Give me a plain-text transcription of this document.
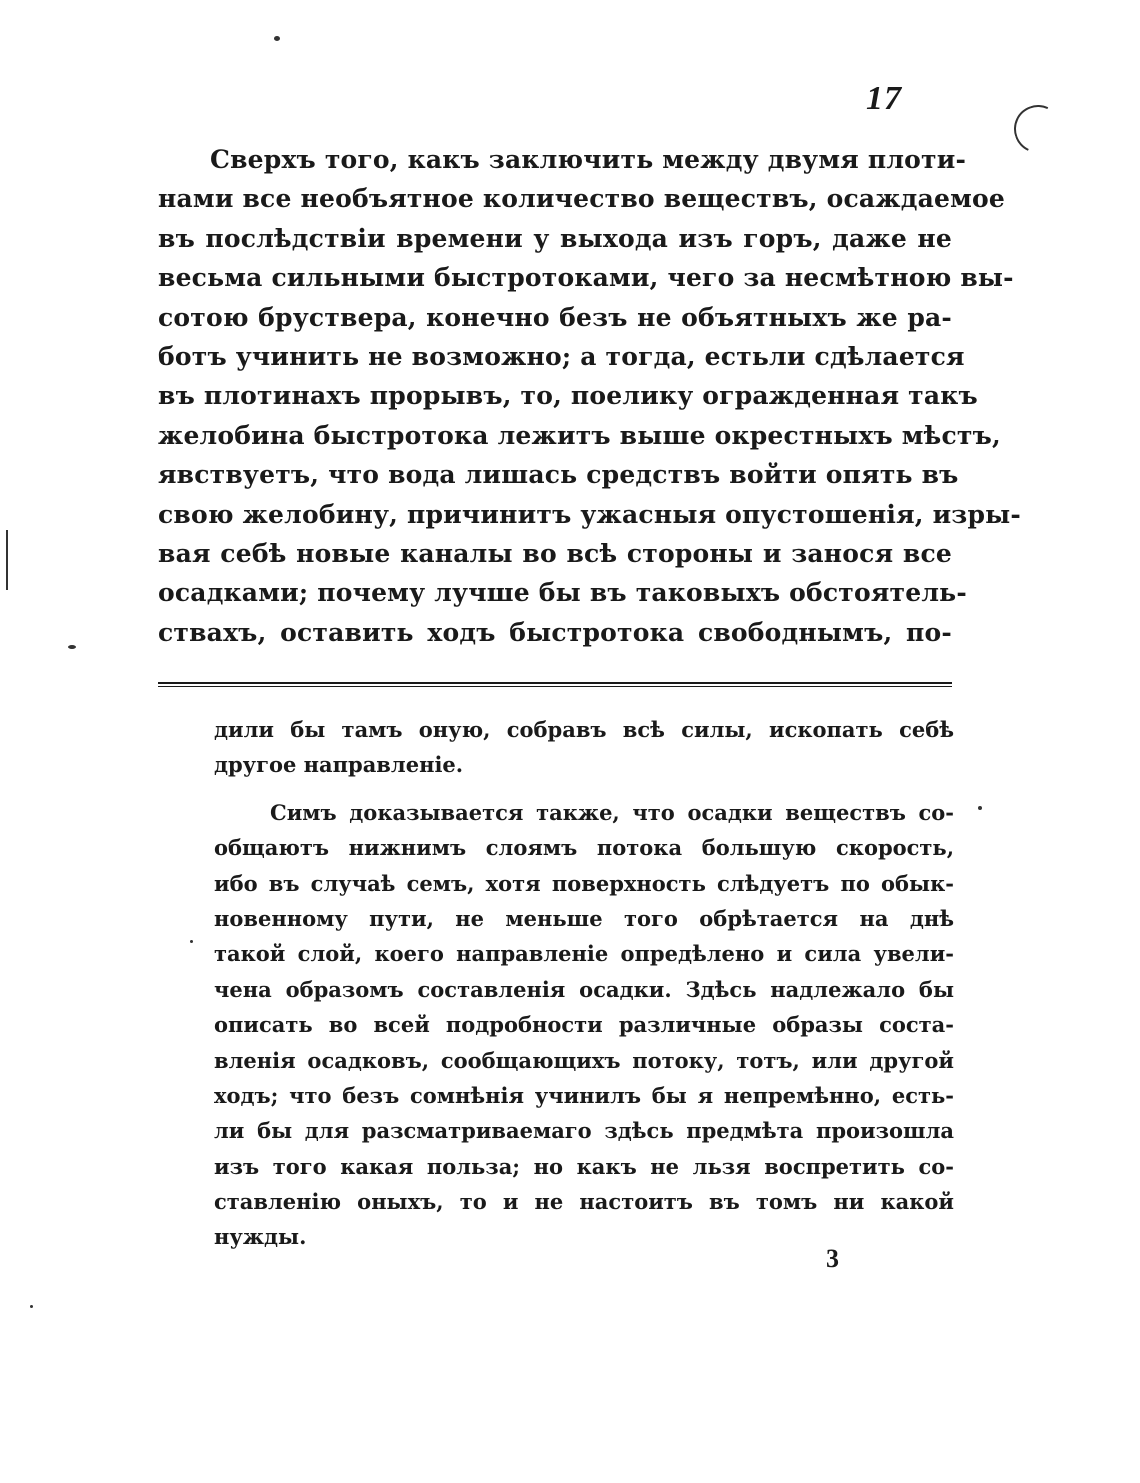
17
Сверхъ того, какъ заключить между двумя плоти-
нами все необъятное количество веществъ, осаждаемое
въ послѣдствіи времени у выхода изъ горъ, даже не
весьма сильными быстротоками, чего за несмѣтною вы-
сотою бруствера, конечно безъ не объятныхъ же ра-
ботъ учинить не возможно; а тогда, естьли сдѣлается
въ плотинахъ прорывъ, то, поелику огражденная такъ
желобина быстротока лежитъ выше окрестныхъ мѣстъ,
явствуетъ, что вода лишась средствъ войти опять въ
свою желобину, причинитъ ужасныя опустошенія, изры-
вая себѣ новые каналы во всѣ стороны и занося все
осадками; почему лучше бы въ таковыхъ обстоятель-
ствахъ, оставить ходъ быстротока свободнымъ, по-
дили бы тамъ оную, собравъ всѣ силы, ископать себѣ
другое направленіе.
Симъ доказывается также, что осадки веществъ со-
общаютъ нижнимъ слоямъ потока большую скорость,
ибо въ случаѣ семъ, хотя поверхность слѣдуетъ по обык-
новенному пути, не меньше того обрѣтается на днѣ
такой слой, коего направленіе опредѣлено и сила увели-
чена образомъ составленія осадки. Здѣсь надлежало бы
описать во всей подробности различные образы соста-
вленія осадковъ, сообщающихъ потоку, тотъ, или другой
ходъ; что безъ сомнѣнія учинилъ бы я непремѣнно, есть-
ли бы для разсматриваемаго здѣсь предмѣта произошла
изъ того какая польза; но какъ не льзя воспретить со-
ставленію оныхъ, то и не настоитъ въ томъ ни какой
нужды.
3
